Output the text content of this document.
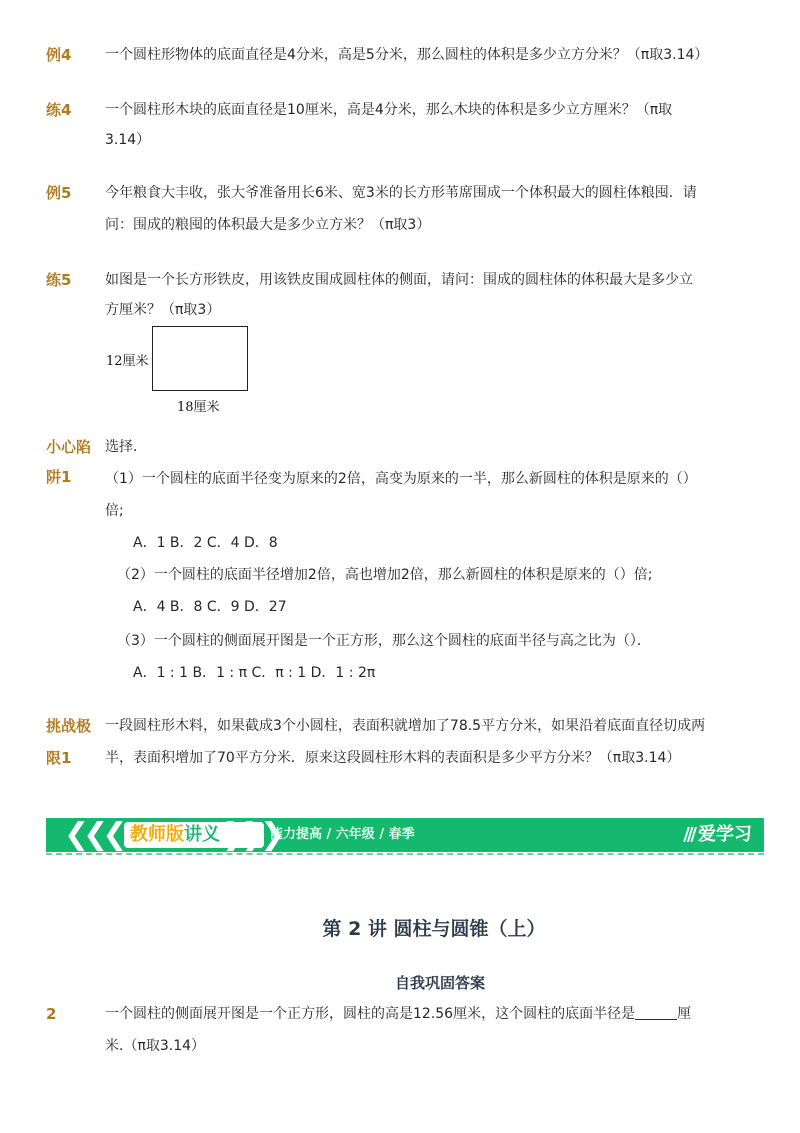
例4 一个圆柱形物体的底面直径是4分米，高是5分米，那么圆柱的体积是多少立方分米？（π取3.14）
练4 一个圆柱形木块的底面直径是10厘米，高是4分米，那么木块的体积是多少立方厘米？（π取
3.14）
例5 今年粮食大丰收，张大爷准备用长6米、宽3米的长方形苇席围成一个体积最大的圆柱体粮囤．请
问：围成的粮囤的体积最大是多少立方米？（π取3）
练5 如图是一个长方形铁皮，用该铁皮围成圆柱体的侧面，请问：围成的圆柱体的体积最大是多少立
方厘米？（π取3）
12厘米
18厘米
小心陷
阱1
选择．
（1）一个圆柱的底面半径变为原来的2倍，高变为原来的一半，那么新圆柱的体积是原来的（）
倍;
A．1 B．2 C．4 D．8
（2）一个圆柱的底面半径增加2倍，高也增加2倍，那么新圆柱的体积是原来的（）倍;
A．4 B．8 C．9 D．27
（3）一个圆柱的侧面展开图是一个正方形，那么这个圆柱的底面半径与高之比为（）．
A．1 : 1 B．1 : π C．π : 1 D．1 : 2π
挑战极
限1
一段圆柱形木料，如果截成3个小圆柱，表面积就增加了78.5平方分米，如果沿着底面直径切成两
半，表面积增加了70平方分米．原来这段圆柱形木料的表面积是多少平方分米？（π取3.14）
❮❮❮ 教师版讲义 ❯❯❯
能力提高 / 六年级 / 春季	/// 爱学习
第 2 讲 圆柱与圆锥（上）
自我巩固答案
2	一个圆柱的侧面展开图是一个正方形，圆柱的高是12.56厘米，这个圆柱的底面半径是	厘
米.（π取3.14）
